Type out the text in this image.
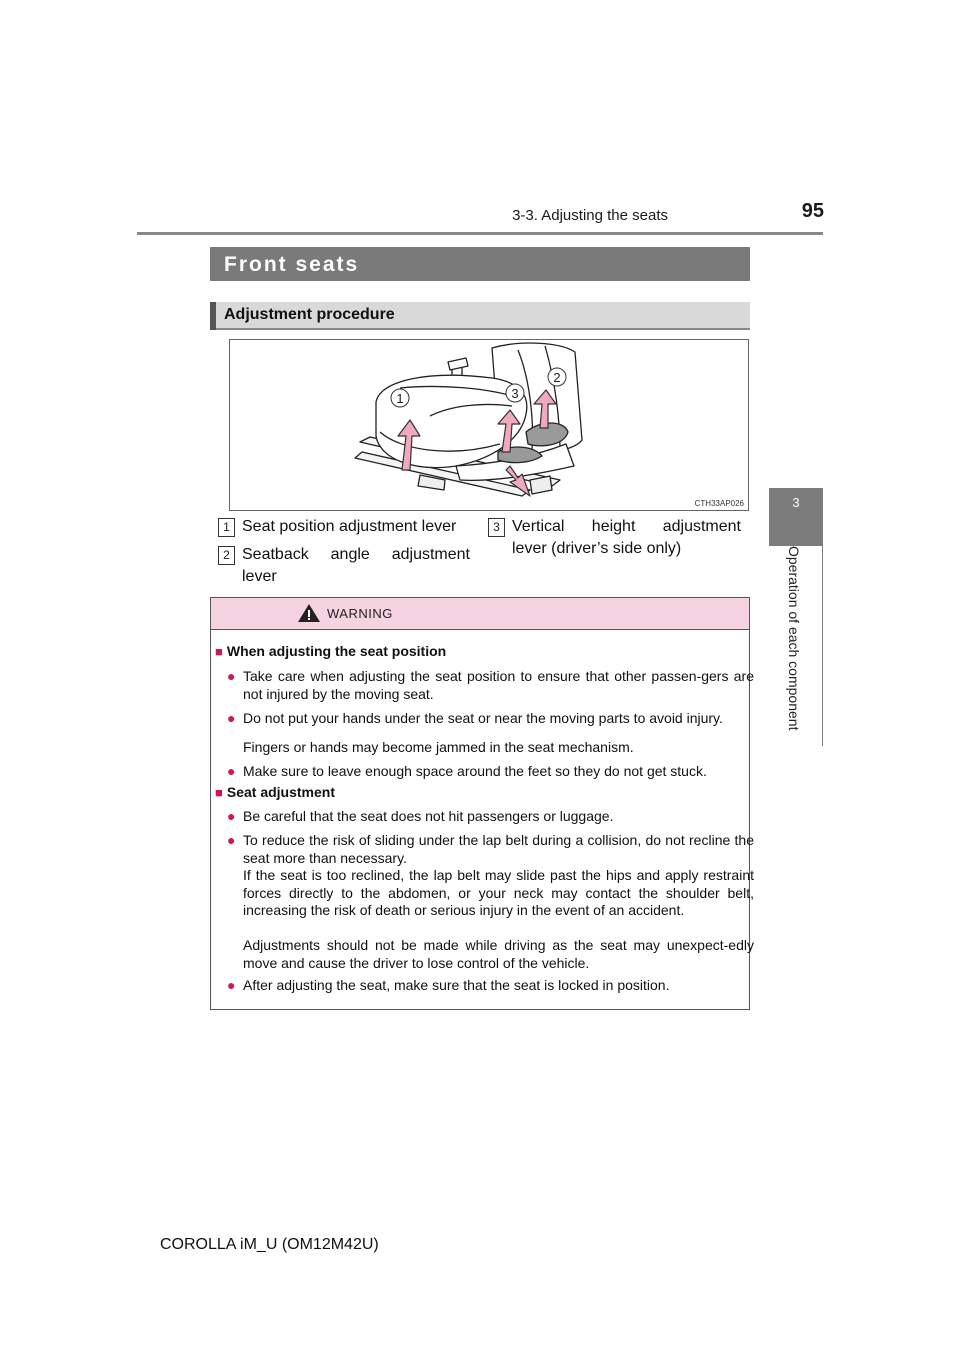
95
3-3. Adjusting the seats
3
Operation of each component
Front seats
Adjustment procedure
1	3
2
CTH33AP026
1 Seat position adjustment lever
2 Seatback angle adjustment
lever
3 Vertical height adjustment
lever (driver’s side only)
WARNING
■ When adjusting the seat position
● Take care when adjusting the seat position to ensure that other passen-gers are not injured by the moving seat.
● Do not put your hands under the seat or near the moving parts to avoid injury.
Fingers or hands may become jammed in the seat mechanism.
● Make sure to leave enough space around the feet so they do not get stuck.
■ Seat adjustment
● Be careful that the seat does not hit passengers or luggage.
● To reduce the risk of sliding under the lap belt during a collision, do not recline the seat more than necessary.
If the seat is too reclined, the lap belt may slide past the hips and apply restraint forces directly to the abdomen, or your neck may contact the shoulder belt, increasing the risk of death or serious injury in the event of an accident.
Adjustments should not be made while driving as the seat may unexpect-edly move and cause the driver to lose control of the vehicle.
● After adjusting the seat, make sure that the seat is locked in position.
COROLLA iM_U (OM12M42U)
